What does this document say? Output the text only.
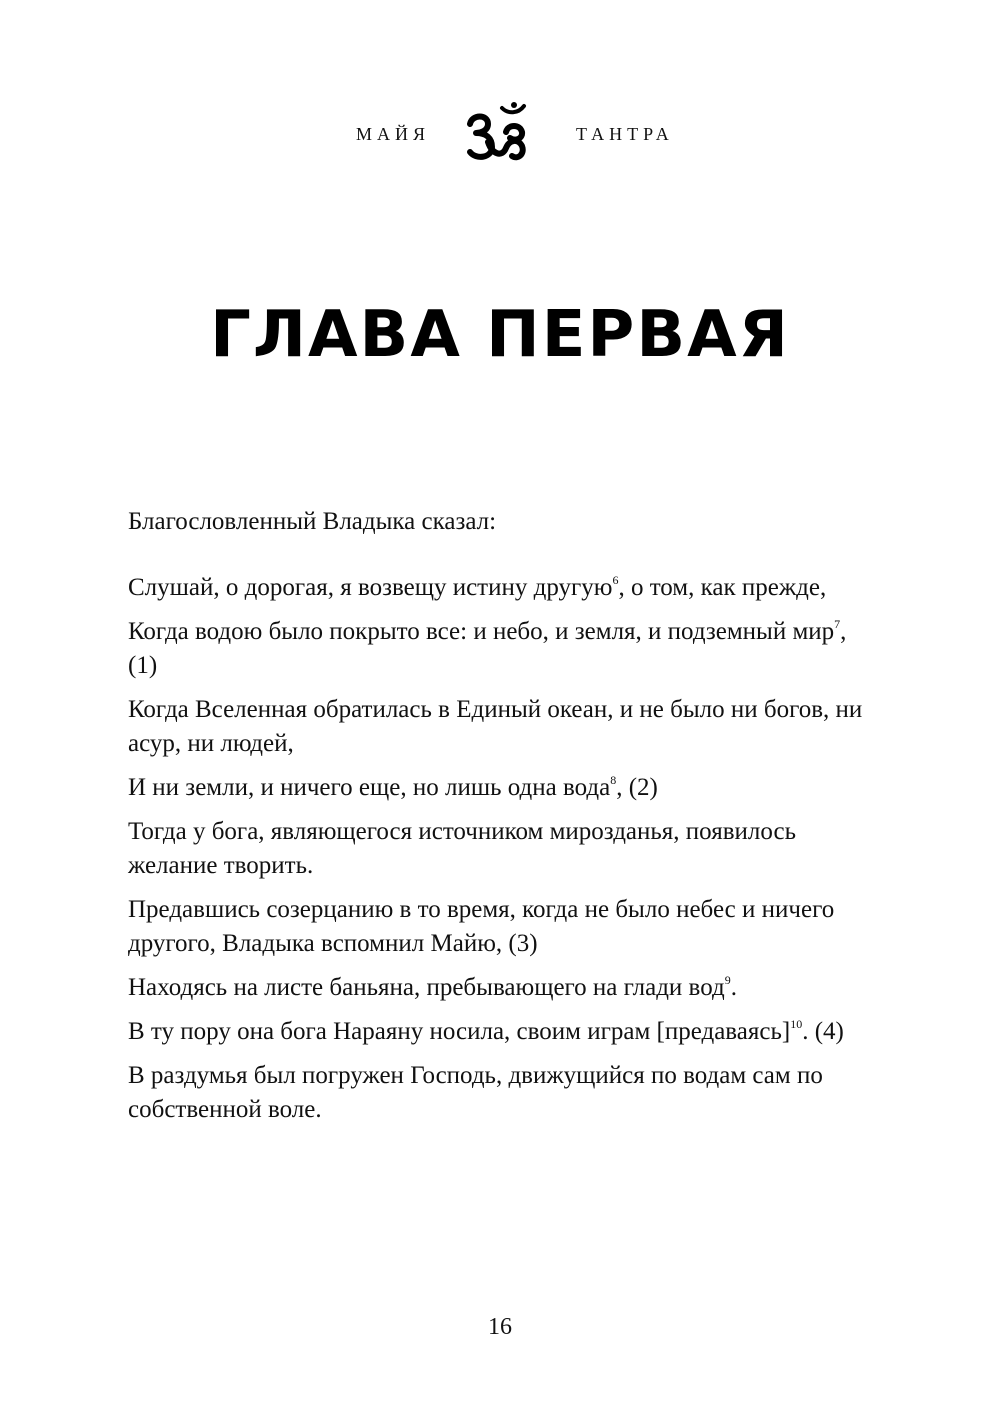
МАЙЯ	ТАНТРА
ГЛАВА ПЕРВАЯ

Благословленный Владыка сказал:

Слушай, о дорогая, я возвещу истину другую$^6$, о том, как прежде,

Когда водою было покрыто все: и небо, и земля, и подземный мир$^7$, (1)

Когда Вселенная обратилась в Единый океан, и не было ни богов, ни асур, ни людей,

И ни земли, и ничего еще, но лишь одна вода$^8$, (2)

Тогда у бога, являющегося источником мирозданья, появилось желание творить.

Предавшись созерцанию в то время, когда не было небес и ничего другого, Владыка вспомнил Майю, (3)

Находясь на листе баньяна, пребывающего на глади вод$^9$.

В ту пору она бога Нараяну носила, своим играм [предаваясь]$^{10}$. (4)

В раздумья был погружен Господь, движущийся по водам сам по собственной воле.

16
